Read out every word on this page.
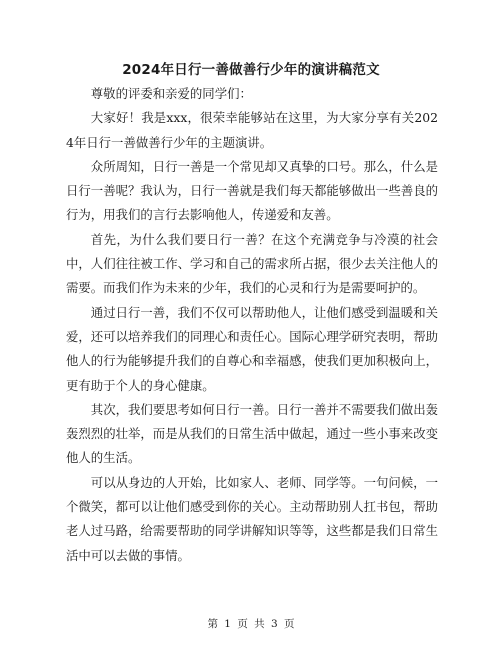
2024年日行一善做善行少年的演讲稿范文

尊敬的评委和亲爱的同学们：

大家好！我是xxx，很荣幸能够站在这里，为大家分享有关2024年日行一善做善行少年的主题演讲。

众所周知，日行一善是一个常见却又真挚的口号。那么，什么是日行一善呢？我认为，日行一善就是我们每天都能够做出一些善良的行为，用我们的言行去影响他人，传递爱和友善。

首先，为什么我们要日行一善？在这个充满竞争与冷漠的社会中，人们往往被工作、学习和自己的需求所占据，很少去关注他人的需要。而我们作为未来的少年，我们的心灵和行为是需要呵护的。

通过日行一善，我们不仅可以帮助他人，让他们感受到温暖和关爱，还可以培养我们的同理心和责任心。国际心理学研究表明，帮助他人的行为能够提升我们的自尊心和幸福感，使我们更加积极向上，更有助于个人的身心健康。

其次，我们要思考如何日行一善。日行一善并不需要我们做出轰轰烈烈的壮举，而是从我们的日常生活中做起，通过一些小事来改变他人的生活。

可以从身边的人开始，比如家人、老师、同学等。一句问候，一个微笑，都可以让他们感受到你的关心。主动帮助别人扛书包，帮助老人过马路，给需要帮助的同学讲解知识等等，这些都是我们日常生活中可以去做的事情。

第 1 页 共 3 页
